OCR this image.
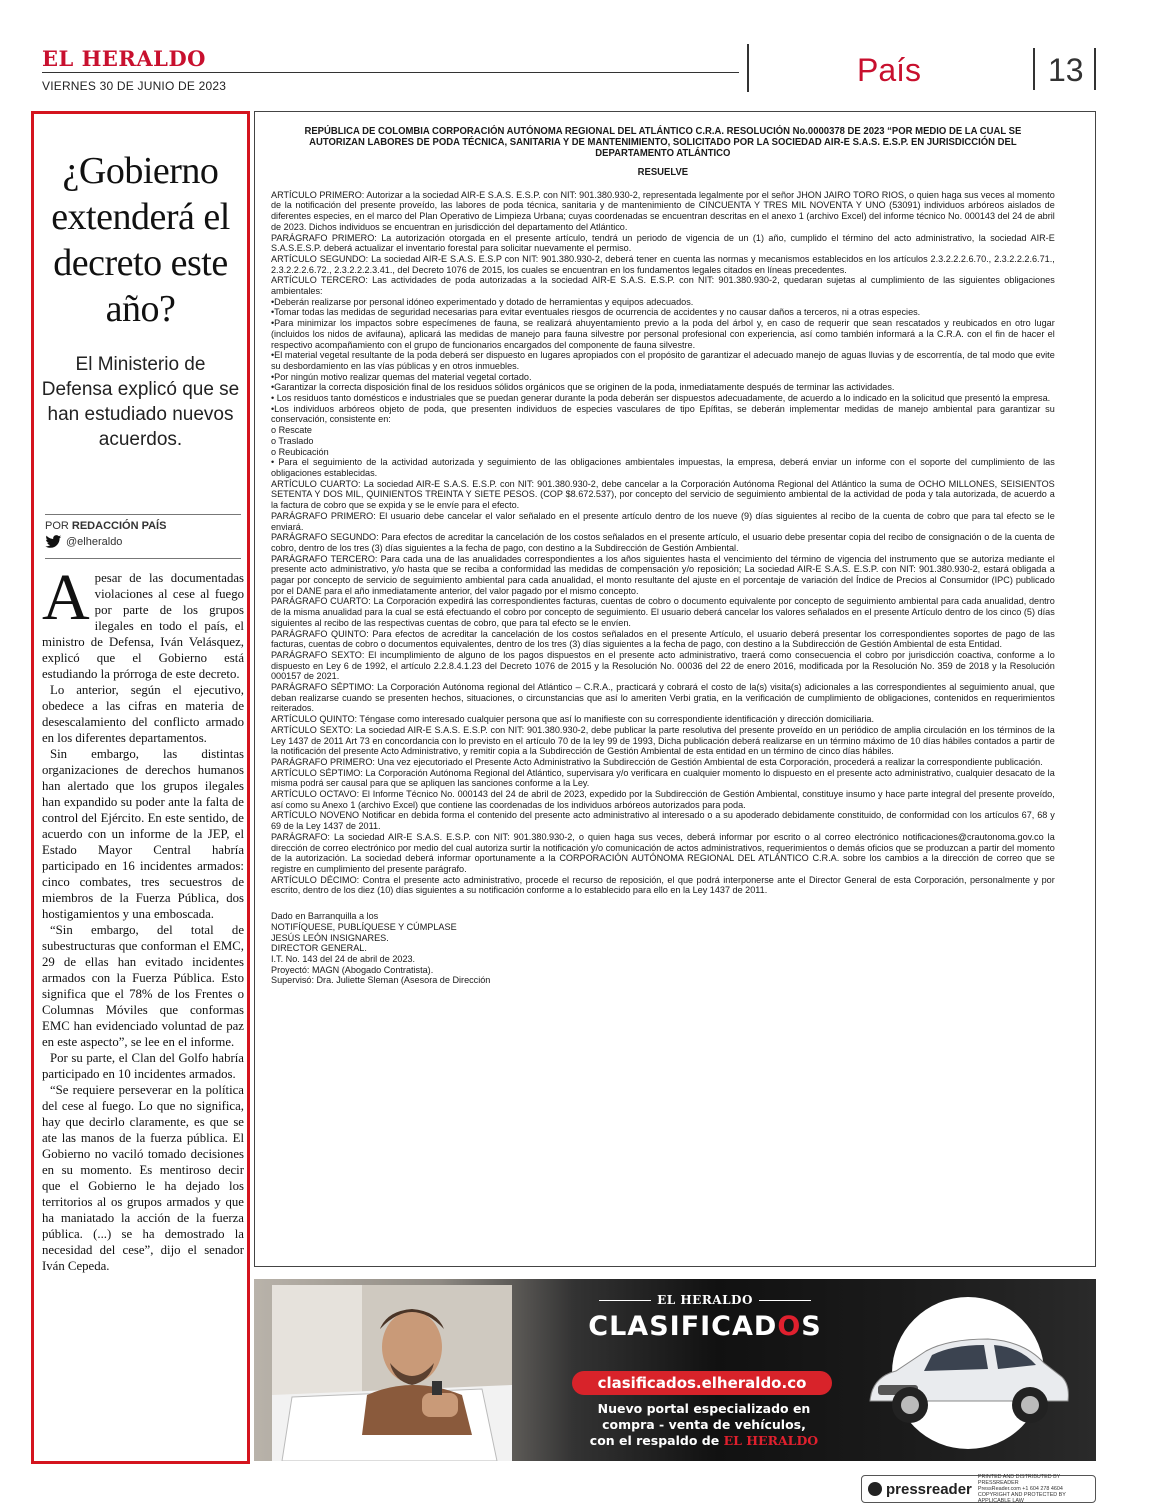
EL HERALDO
VIERNES 30 DE JUNIO DE 2023	País	13
¿Gobierno extenderá el decreto este año?
El Ministerio de Defensa explicó que se han estudiado nuevos acuerdos.
POR REDACCIÓN PAÍS
@elheraldo

Apesar de las documentadas violaciones al cese al fuego por parte de los grupos ilegales en todo el país, el ministro de Defensa, Iván Velásquez, explicó que el Gobierno está estudiando la prórroga de este decreto.

Lo anterior, según el ejecutivo, obedece a las cifras en materia de desescalamiento del conflicto armado en los diferentes departamentos.

Sin embargo, las distintas organizaciones de derechos humanos han alertado que los grupos ilegales han expandido su poder ante la falta de control del Ejército. En este sentido, de acuerdo con un informe de la JEP, el Estado Mayor Central habría participado en 16 incidentes armados: cinco combates, tres secuestros de miembros de la Fuerza Pública, dos hostigamientos y una emboscada.

“Sin embargo, del total de subestructuras que conforman el EMC, 29 de ellas han evitado incidentes armados con la Fuerza Pública. Esto significa que el 78% de los Frentes o Columnas Móviles que conformas EMC han evidenciado voluntad de paz en este aspecto”, se lee en el informe.

Por su parte, el Clan del Golfo habría participado en 10 incidentes armados.

“Se requiere perseverar en la política del cese al fuego. Lo que no significa, hay que decirlo claramente, es que se ate las manos de la fuerza pública. El Gobierno no vaciló tomado decisiones en su momento. Es mentiroso decir que el Gobierno le ha dejado los territorios al os grupos armados y que ha maniatado la acción de la fuerza pública. (...) se ha demostrado la necesidad del cese”, dijo el senador Iván Cepeda.

REPÚBLICA DE COLOMBIA CORPORACIÓN AUTÓNOMA REGIONAL DEL ATLÁNTICO C.R.A. RESOLUCIÓN No.0000378 DE 2023 “POR MEDIO DE LA CUAL SE AUTORIZAN LABORES DE PODA TÉCNICA, SANITARIA Y DE MANTENIMIENTO, SOLICITADO POR LA SOCIEDAD AIR-E S.A.S. E.S.P. EN JURISDICCIÓN DEL DEPARTAMENTO ATLÁNTICO
RESUELVE
ARTÍCULO PRIMERO: Autorizar a la sociedad AIR-E S.A.S. E.S.P. con NIT: 901.380.930-2, representada legalmente por el señor JHON JAIRO TORO RIOS, o quien haga sus veces al momento de la notificación del presente proveído, las labores de poda técnica, sanitaria y de mantenimiento de CINCUENTA Y TRES MIL NOVENTA Y UNO (53091) individuos arbóreos aislados de diferentes especies, en el marco del Plan Operativo de Limpieza Urbana; cuyas coordenadas se encuentran descritas en el anexo 1 (archivo Excel) del informe técnico No. 000143 del 24 de abril de 2023. Dichos individuos se encuentran en jurisdicción del departamento del Atlántico.
PARÁGRAFO PRIMERO: La autorización otorgada en el presente artículo, tendrá un periodo de vigencia de un (1) año, cumplido el término del acto administrativo, la sociedad AIR-E S.A.S.E.S.P. deberá actualizar el inventario forestal para solicitar nuevamente el permiso.
ARTÍCULO SEGUNDO: La sociedad AIR-E S.A.S. E.S.P con NIT: 901.380.930-2, deberá tener en cuenta las normas y mecanismos establecidos en los artículos 2.3.2.2.2.6.70., 2.3.2.2.2.6.71., 2.3.2.2.2.6.72., 2.3.2.2.2.3.41., del Decreto 1076 de 2015, los cuales se encuentran en los fundamentos legales citados en líneas precedentes.
ARTÍCULO TERCERO: Las actividades de poda autorizadas a la sociedad AIR-E S.A.S. E.S.P. con NIT: 901.380.930-2, quedaran sujetas al cumplimiento de las siguientes obligaciones ambientales:
•Deberán realizarse por personal idóneo experimentado y dotado de herramientas y equipos adecuados.
•Tomar todas las medidas de seguridad necesarias para evitar eventuales riesgos de ocurrencia de accidentes y no causar daños a terceros, ni a otras especies.
•Para minimizar los impactos sobre especímenes de fauna, se realizará ahuyentamiento previo a la poda del árbol y, en caso de requerir que sean rescatados y reubicados en otro lugar (incluidos los nidos de avifauna), aplicará las medidas de manejo para fauna silvestre por personal profesional con experiencia, así como también informará a la C.R.A. con el fin de hacer el respectivo acompañamiento con el grupo de funcionarios encargados del componente de fauna silvestre.
•El material vegetal resultante de la poda deberá ser dispuesto en lugares apropiados con el propósito de garantizar el adecuado manejo de aguas lluvias y de escorrentía, de tal modo que evite su desbordamiento en las vías públicas y en otros inmuebles.
•Por ningún motivo realizar quemas del material vegetal cortado.
•Garantizar la correcta disposición final de los residuos sólidos orgánicos que se originen de la poda, inmediatamente después de terminar las actividades.
• Los residuos tanto domésticos e industriales que se puedan generar durante la poda deberán ser dispuestos adecuadamente, de acuerdo a lo indicado en la solicitud que presentó la empresa.
•Los individuos arbóreos objeto de poda, que presenten individuos de especies vasculares de tipo Epífitas, se deberán implementar medidas de manejo ambiental para garantizar su conservación, consistente en:
o Rescate
o Traslado
o Reubicación
• Para el seguimiento de la actividad autorizada y seguimiento de las obligaciones ambientales impuestas, la empresa, deberá enviar un informe con el soporte del cumplimiento de las obligaciones establecidas.
ARTÍCULO CUARTO: La sociedad AIR-E S.A.S. E.S.P. con NIT: 901.380.930-2, debe cancelar a la Corporación Autónoma Regional del Atlántico la suma de OCHO MILLONES, SEISIENTOS SETENTA Y DOS MIL, QUINIENTOS TREINTA Y SIETE PESOS. (COP $8.672.537), por concepto del servicio de seguimiento ambiental de la actividad de poda y tala autorizada, de acuerdo a la factura de cobro que se expida y se le envíe para el efecto.
PARÁGRAFO PRIMERO: El usuario debe cancelar el valor señalado en el presente artículo dentro de los nueve (9) días siguientes al recibo de la cuenta de cobro que para tal efecto se le enviará.
PARÁGRAFO SEGUNDO: Para efectos de acreditar la cancelación de los costos señalados en el presente artículo, el usuario debe presentar copia del recibo de consignación o de la cuenta de cobro, dentro de los tres (3) días siguientes a la fecha de pago, con destino a la Subdirección de Gestión Ambiental.
PARÁGRAFO TERCERO: Para cada una de las anualidades correspondientes a los años siguientes hasta el vencimiento del término de vigencia del instrumento que se autoriza mediante el presente acto administrativo, y/o hasta que se reciba a conformidad las medidas de compensación y/o reposición; La sociedad AIR-E S.A.S. E.S.P. con NIT: 901.380.930-2, estará obligada a pagar por concepto de servicio de seguimiento ambiental para cada anualidad, el monto resultante del ajuste en el porcentaje de variación del Índice de Precios al Consumidor (IPC) publicado por el DANE para el año inmediatamente anterior, del valor pagado por el mismo concepto.
PARÁGRAFO CUARTO: La Corporación expedirá las correspondientes facturas, cuentas de cobro o documento equivalente por concepto de seguimiento ambiental para cada anualidad, dentro de la misma anualidad para la cual se está efectuando el cobro por concepto de seguimiento. El usuario deberá cancelar los valores señalados en el presente Artículo dentro de los cinco (5) días siguientes al recibo de las respectivas cuentas de cobro, que para tal efecto se le envíen.
PARÁGRAFO QUINTO: Para efectos de acreditar la cancelación de los costos señalados en el presente Artículo, el usuario deberá presentar los correspondientes soportes de pago de las facturas, cuentas de cobro o documentos equivalentes, dentro de los tres (3) días siguientes a la fecha de pago, con destino a la Subdirección de Gestión Ambiental de esta Entidad.
PARÁGRAFO SEXTO: El incumplimiento de alguno de los pagos dispuestos en el presente acto administrativo, traerá como consecuencia el cobro por jurisdicción coactiva, conforme a lo dispuesto en Ley 6 de 1992, el artículo 2.2.8.4.1.23 del Decreto 1076 de 2015 y la Resolución No. 00036 del 22 de enero 2016, modificada por la Resolución No. 359 de 2018 y la Resolución 000157 de 2021.
PARÁGRAFO SÉPTIMO: La Corporación Autónoma regional del Atlántico – C.R.A., practicará y cobrará el costo de la(s) visita(s) adicionales a las correspondientes al seguimiento anual, que deban realizarse cuando se presenten hechos, situaciones, o circunstancias que así lo ameriten Verbi gratia, en la verificación de cumplimiento de obligaciones, contenidos en requerimientos reiterados.
ARTÍCULO QUINTO: Téngase como interesado cualquier persona que así lo manifieste con su correspondiente identificación y dirección domiciliaria.
ARTÍCULO SEXTO: La sociedad AIR-E S.A.S. E.S.P. con NIT: 901.380.930-2, debe publicar la parte resolutiva del presente proveído en un periódico de amplia circulación en los términos de la Ley 1437 de 2011 Art 73 en concordancia con lo previsto en el artículo 70 de la ley 99 de 1993, Dicha publicación deberá realizarse en un término máximo de 10 días hábiles contados a partir de la notificación del presente Acto Administrativo, y remitir copia a la Subdirección de Gestión Ambiental de esta entidad en un término de cinco días hábiles.
PARÁGRAFO PRIMERO: Una vez ejecutoriado el Presente Acto Administrativo la Subdirección de Gestión Ambiental de esta Corporación, procederá a realizar la correspondiente publicación.
ARTÍCULO SÉPTIMO: La Corporación Autónoma Regional del Atlántico, supervisara y/o verificara en cualquier momento lo dispuesto en el presente acto administrativo, cualquier desacato de la misma podrá ser causal para que se apliquen las sanciones conforme a la Ley.
ARTÍCULO OCTAVO: El Informe Técnico No. 000143 del 24 de abril de 2023, expedido por la Subdirección de Gestión Ambiental, constituye insumo y hace parte integral del presente proveído, así como su Anexo 1 (archivo Excel) que contiene las coordenadas de los individuos arbóreos autorizados para poda.
ARTÍCULO NOVENO Notificar en debida forma el contenido del presente acto administrativo al interesado o a su apoderado debidamente constituido, de conformidad con los artículos 67, 68 y 69 de la Ley 1437 de 2011.
PARÁGRAFO: La sociedad AIR-E S.A.S. E.S.P. con NIT: 901.380.930-2, o quien haga sus veces, deberá informar por escrito o al correo electrónico notificaciones@crautonoma.gov.co la dirección de correo electrónico por medio del cual autoriza surtir la notificación y/o comunicación de actos administrativos, requerimientos o demás oficios que se produzcan a partir del momento de la autorización. La sociedad deberá informar oportunamente a la CORPORACIÓN AUTÓNOMA REGIONAL DEL ATLÁNTICO C.R.A. sobre los cambios a la dirección de correo que se registre en cumplimiento del presente parágrafo.
ARTÍCULO DÉCIMO: Contra el presente acto administrativo, procede el recurso de reposición, el que podrá interponerse ante el Director General de esta Corporación, personalmente y por escrito, dentro de los diez (10) días siguientes a su notificación conforme a lo establecido para ello en la Ley 1437 de 2011.
Dado en Barranquilla a los
NOTIFÍQUESE, PUBLÍQUESE Y CÚMPLASE
JESÚS LEÓN INSIGNARES.
DIRECTOR GENERAL.
I.T. No. 143 del 24 de abril de 2023.
Proyectó: MAGN (Abogado Contratista).
Supervisó: Dra. Juliette Sleman (Asesora de Dirección
EL HERALDO
CLASIFICADOS
clasificados.elheraldo.co
Nuevo portal especializado en
compra - venta de vehículos,
con el respaldo de EL HERALDO
pressreader
PRINTED AND DISTRIBUTED BY PRESSREADER
PressReader.com +1 604 278 4604
COPYRIGHT AND PROTECTED BY APPLICABLE LAW
